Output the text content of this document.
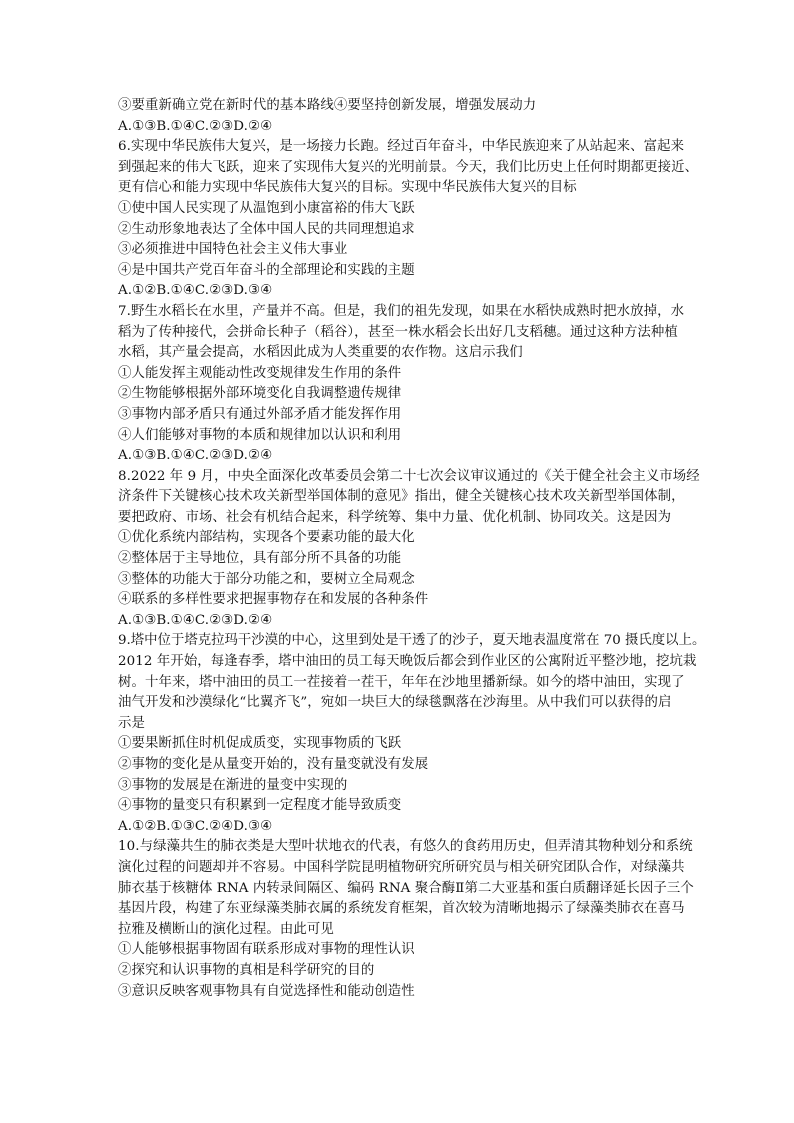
③要重新确立党在新时代的基本路线④要坚持创新发展，增强发展动力
A.①③B.①④C.②③D.②④
6.实现中华民族伟大复兴，是一场接力长跑。经过百年奋斗，中华民族迎来了从站起来、富起来
到强起来的伟大飞跃，迎来了实现伟大复兴的光明前景。今天，我们比历史上任何时期都更接近、
更有信心和能力实现中华民族伟大复兴的目标。实现中华民族伟大复兴的目标
①使中国人民实现了从温饱到小康富裕的伟大飞跃
②生动形象地表达了全体中国人民的共同理想追求
③必须推进中国特色社会主义伟大事业
④是中国共产党百年奋斗的全部理论和实践的主题
A.①②B.①④C.②③D.③④
7.野生水稻长在水里，产量并不高。但是，我们的祖先发现，如果在水稻快成熟时把水放掉，水
稻为了传种接代，会拼命长种子（稻谷），甚至一株水稻会长出好几支稻穗。通过这种方法种植
水稻，其产量会提高，水稻因此成为人类重要的农作物。这启示我们
①人能发挥主观能动性改变规律发生作用的条件
②生物能够根据外部环境变化自我调整遗传规律
③事物内部矛盾只有通过外部矛盾才能发挥作用
④人们能够对事物的本质和规律加以认识和利用
A.①③B.①④C.②③D.②④
8.2022 年 9 月，中央全面深化改革委员会第二十七次会议审议通过的《关于健全社会主义市场经
济条件下关键核心技术攻关新型举国体制的意见》指出，健全关键核心技术攻关新型举国体制，
要把政府、市场、社会有机结合起来，科学统筹、集中力量、优化机制、协同攻关。这是因为
①优化系统内部结构，实现各个要素功能的最大化
②整体居于主导地位，具有部分所不具备的功能
③整体的功能大于部分功能之和，要树立全局观念
④联系的多样性要求把握事物存在和发展的各种条件
A.①③B.①④C.②③D.②④
9.塔中位于塔克拉玛干沙漠的中心，这里到处是干透了的沙子，夏天地表温度常在 70 摄氏度以上。
2012 年开始，每逢春季，塔中油田的员工每天晚饭后都会到作业区的公寓附近平整沙地，挖坑栽
树。十年来，塔中油田的员工一茬接着一茬干，年年在沙地里播新绿。如今的塔中油田，实现了
油气开发和沙漠绿化“比翼齐飞”，宛如一块巨大的绿毯飘落在沙海里。从中我们可以获得的启
示是
①要果断抓住时机促成质变，实现事物质的飞跃
②事物的变化是从量变开始的，没有量变就没有发展
③事物的发展是在渐进的量变中实现的
④事物的量变只有积累到一定程度才能导致质变
A.①②B.①③C.②④D.③④
10.与绿藻共生的肺衣类是大型叶状地衣的代表，有悠久的食药用历史，但弄清其物种划分和系统
演化过程的问题却并不容易。中国科学院昆明植物研究所研究员与相关研究团队合作，对绿藻共
肺衣基于核糖体 RNA 内转录间隔区、编码 RNA 聚合酶Ⅱ第二大亚基和蛋白质翻译延长因子三个
基因片段，构建了东亚绿藻类肺衣属的系统发育框架，首次较为清晰地揭示了绿藻类肺衣在喜马
拉雅及横断山的演化过程。由此可见
①人能够根据事物固有联系形成对事物的理性认识
②探究和认识事物的真相是科学研究的目的
③意识反映客观事物具有自觉选择性和能动创造性
